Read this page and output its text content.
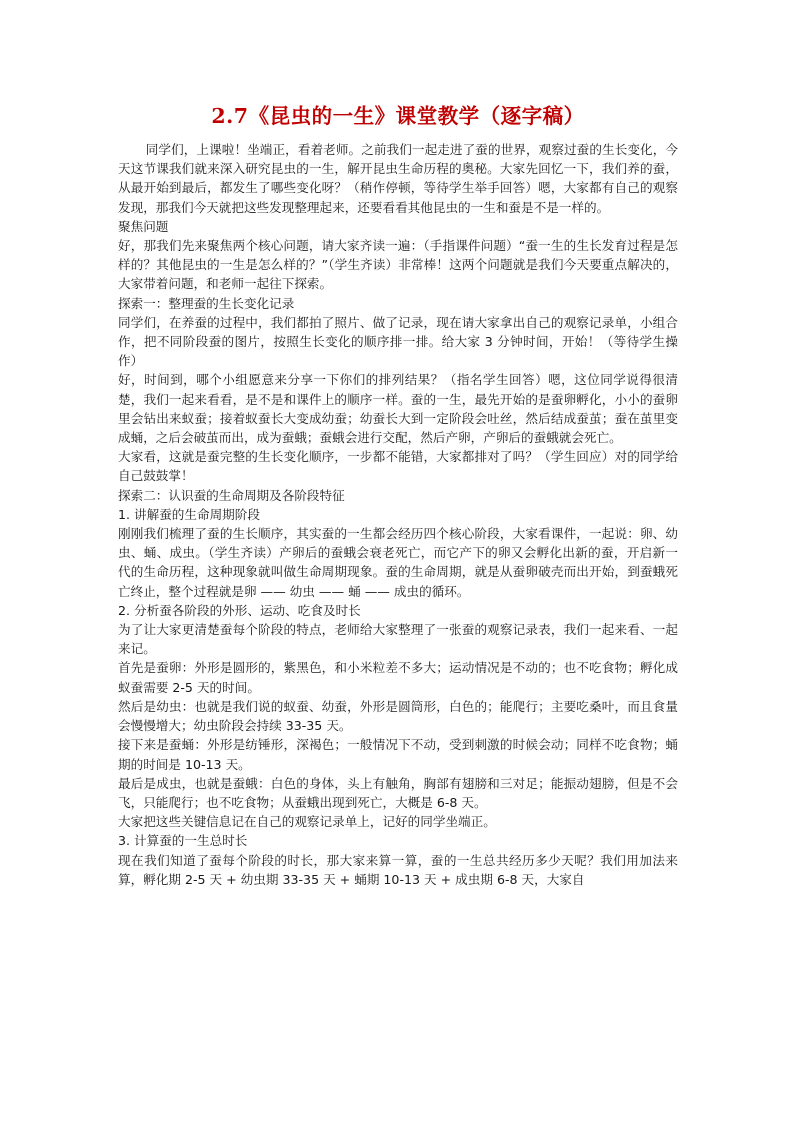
2.7《昆虫的一生》课堂教学（逐字稿）

同学们，上课啦！坐端正，看着老师。之前我们一起走进了蚕的世界，观察过蚕的生长变化，今天这节课我们就来深入研究昆虫的一生，解开昆虫生命历程的奥秘。大家先回忆一下，我们养的蚕，从最开始到最后，都发生了哪些变化呀？（稍作停顿，等待学生举手回答）嗯，大家都有自己的观察发现，那我们今天就把这些发现整理起来，还要看看其他昆虫的一生和蚕是不是一样的。

聚焦问题

好，那我们先来聚焦两个核心问题，请大家齐读一遍：（手指课件问题）“蚕一生的生长发育过程是怎样的？其他昆虫的一生是怎么样的？”（学生齐读）非常棒！这两个问题就是我们今天要重点解决的，大家带着问题，和老师一起往下探索。

探索一：整理蚕的生长变化记录

同学们，在养蚕的过程中，我们都拍了照片、做了记录，现在请大家拿出自己的观察记录单，小组合作，把不同阶段蚕的图片，按照生长变化的顺序排一排。给大家 3 分钟时间，开始！（等待学生操作）

好，时间到，哪个小组愿意来分享一下你们的排列结果？（指名学生回答）嗯，这位同学说得很清楚，我们一起来看看，是不是和课件上的顺序一样。蚕的一生，最先开始的是蚕卵孵化，小小的蚕卵里会钻出来蚁蚕；接着蚁蚕长大变成幼蚕；幼蚕长大到一定阶段会吐丝，然后结成蚕茧；蚕在茧里变成蛹，之后会破茧而出，成为蚕蛾；蚕蛾会进行交配，然后产卵，产卵后的蚕蛾就会死亡。

大家看，这就是蚕完整的生长变化顺序，一步都不能错，大家都排对了吗？（学生回应）对的同学给自己鼓鼓掌！

探索二：认识蚕的生命周期及各阶段特征

1. 讲解蚕的生命周期阶段

刚刚我们梳理了蚕的生长顺序，其实蚕的一生都会经历四个核心阶段，大家看课件，一起说：卵、幼虫、蛹、成虫。（学生齐读）产卵后的蚕蛾会衰老死亡，而它产下的卵又会孵化出新的蚕，开启新一代的生命历程，这种现象就叫做生命周期现象。蚕的生命周期，就是从蚕卵破壳而出开始，到蚕蛾死亡终止，整个过程就是卵 —— 幼虫 —— 蛹 —— 成虫的循环。

2. 分析蚕各阶段的外形、运动、吃食及时长

为了让大家更清楚蚕每个阶段的特点，老师给大家整理了一张蚕的观察记录表，我们一起来看、一起来记。

首先是蚕卵：外形是圆形的，紫黑色，和小米粒差不多大；运动情况是不动的；也不吃食物；孵化成蚁蚕需要 2-5 天的时间。

然后是幼虫：也就是我们说的蚁蚕、幼蚕，外形是圆筒形，白色的；能爬行；主要吃桑叶，而且食量会慢慢增大；幼虫阶段会持续 33-35 天。

接下来是蚕蛹：外形是纺锤形，深褐色；一般情况下不动，受到刺激的时候会动；同样不吃食物；蛹期的时间是 10-13 天。

最后是成虫，也就是蚕蛾：白色的身体，头上有触角，胸部有翅膀和三对足；能振动翅膀，但是不会飞，只能爬行；也不吃食物；从蚕蛾出现到死亡，大概是 6-8 天。

大家把这些关键信息记在自己的观察记录单上，记好的同学坐端正。

3. 计算蚕的一生总时长

现在我们知道了蚕每个阶段的时长，那大家来算一算，蚕的一生总共经历多少天呢？我们用加法来算，孵化期 2-5 天 + 幼虫期 33-35 天 + 蛹期 10-13 天 + 成虫期 6-8 天，大家自
